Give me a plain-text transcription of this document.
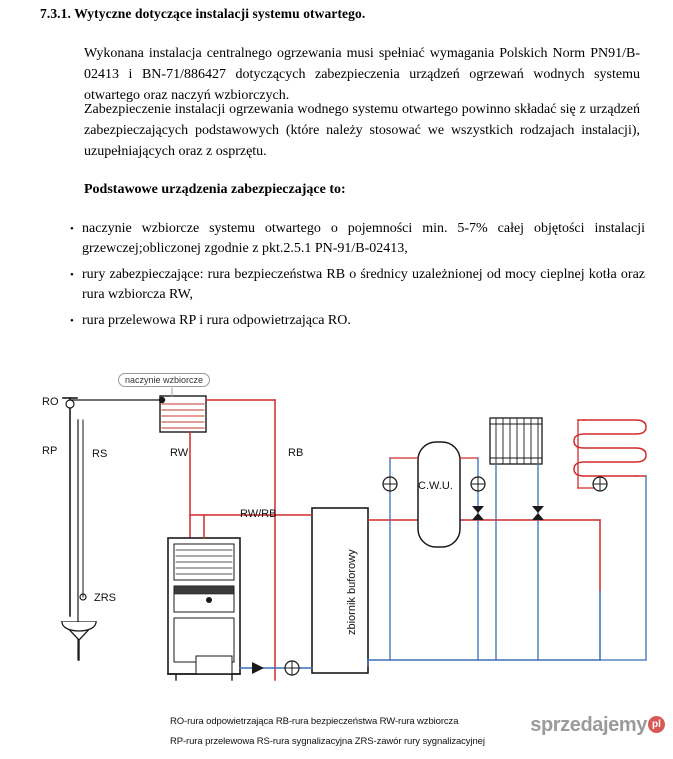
7.3.1. Wytyczne dotyczące instalacji systemu otwartego.
Wykonana instalacja centralnego ogrzewania musi spełniać wymagania Polskich Norm PN91/B-02413 i BN-71/886427 dotyczących zabezpieczenia urządzeń ogrzewań wodnych systemu otwartego oraz naczyń wzbiorczych.
Zabezpieczenie instalacji ogrzewania wodnego systemu otwartego powinno składać się z urządzeń zabezpieczających podstawowych (które należy stosować we wszystkich rodzajach instalacji), uzupełniających oraz z osprzętu.
Podstawowe urządzenia zabezpieczające to:
• naczynie wzbiorcze systemu otwartego o pojemności min. 5-7% całej objętości instalacji grzewczej;obliczonej zgodnie z pkt.2.5.1 PN-91/B-02413,
• rury zabezpieczające: rura bezpieczeństwa RB o średnicy uzależnionej od mocy cieplnej kotła oraz rura wzbiorcza RW,
• rura przelewowa RP i rura odpowietrzająca RO.
RO
RP	RS	RW	RB
RW/RB
ZRS
C.W.U.
naczynie wzbiorcze
zbiornik buforowy
RO-rura odpowietrzająca RB-rura bezpieczeństwa RW-rura wzbiorcza
RP-rura przelewowa RS-rura sygnalizacyjna ZRS-zawór rury sygnalizacyjnej
sprzedajemy pl
